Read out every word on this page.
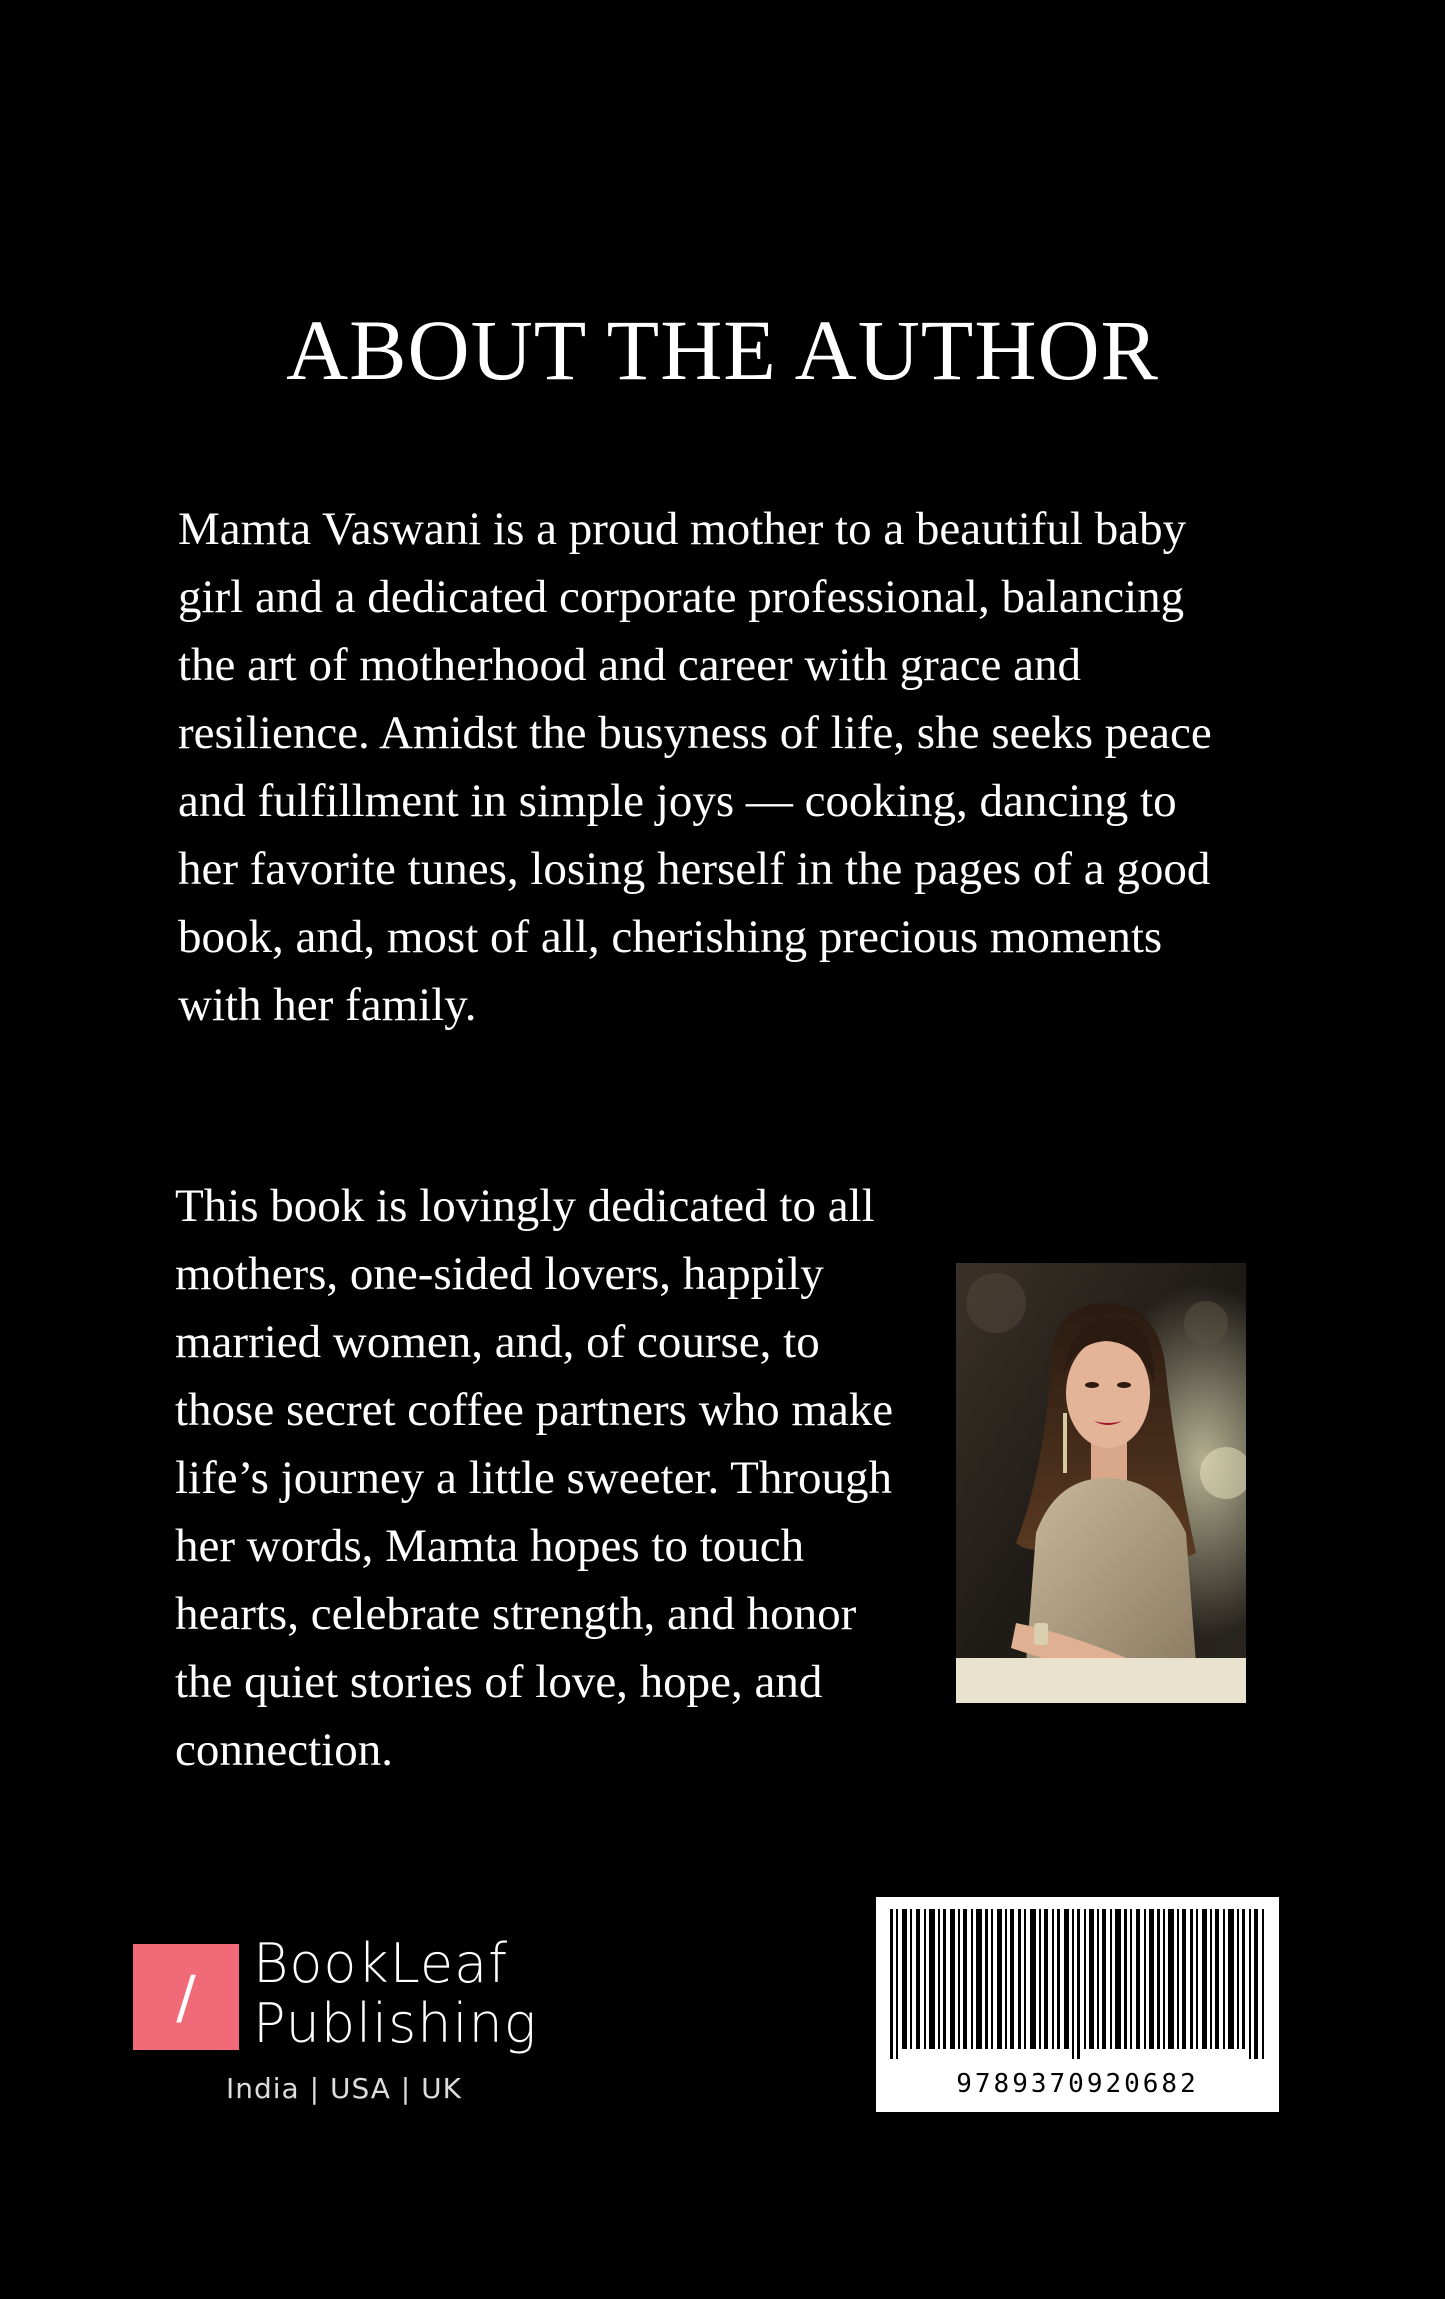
ABOUT THE AUTHOR

Mamta Vaswani is a proud mother to a beautiful baby girl and a dedicated corporate professional, balancing the art of motherhood and career with grace and resilience. Amidst the busyness of life, she seeks peace and fulfillment in simple joys — cooking, dancing to her favorite tunes, losing herself in the pages of a good book, and, most of all, cherishing precious moments with her family.

This book is lovingly dedicated to all mothers, one-sided lovers, happily married women, and, of course, to those secret coffee partners who make life’s journey a little sweeter. Through her words, Mamta hopes to touch hearts, celebrate strength, and honor the quiet stories of love, hope, and connection.

/	BookLeaf
Publishing
India | USA | UK	9789370920682
